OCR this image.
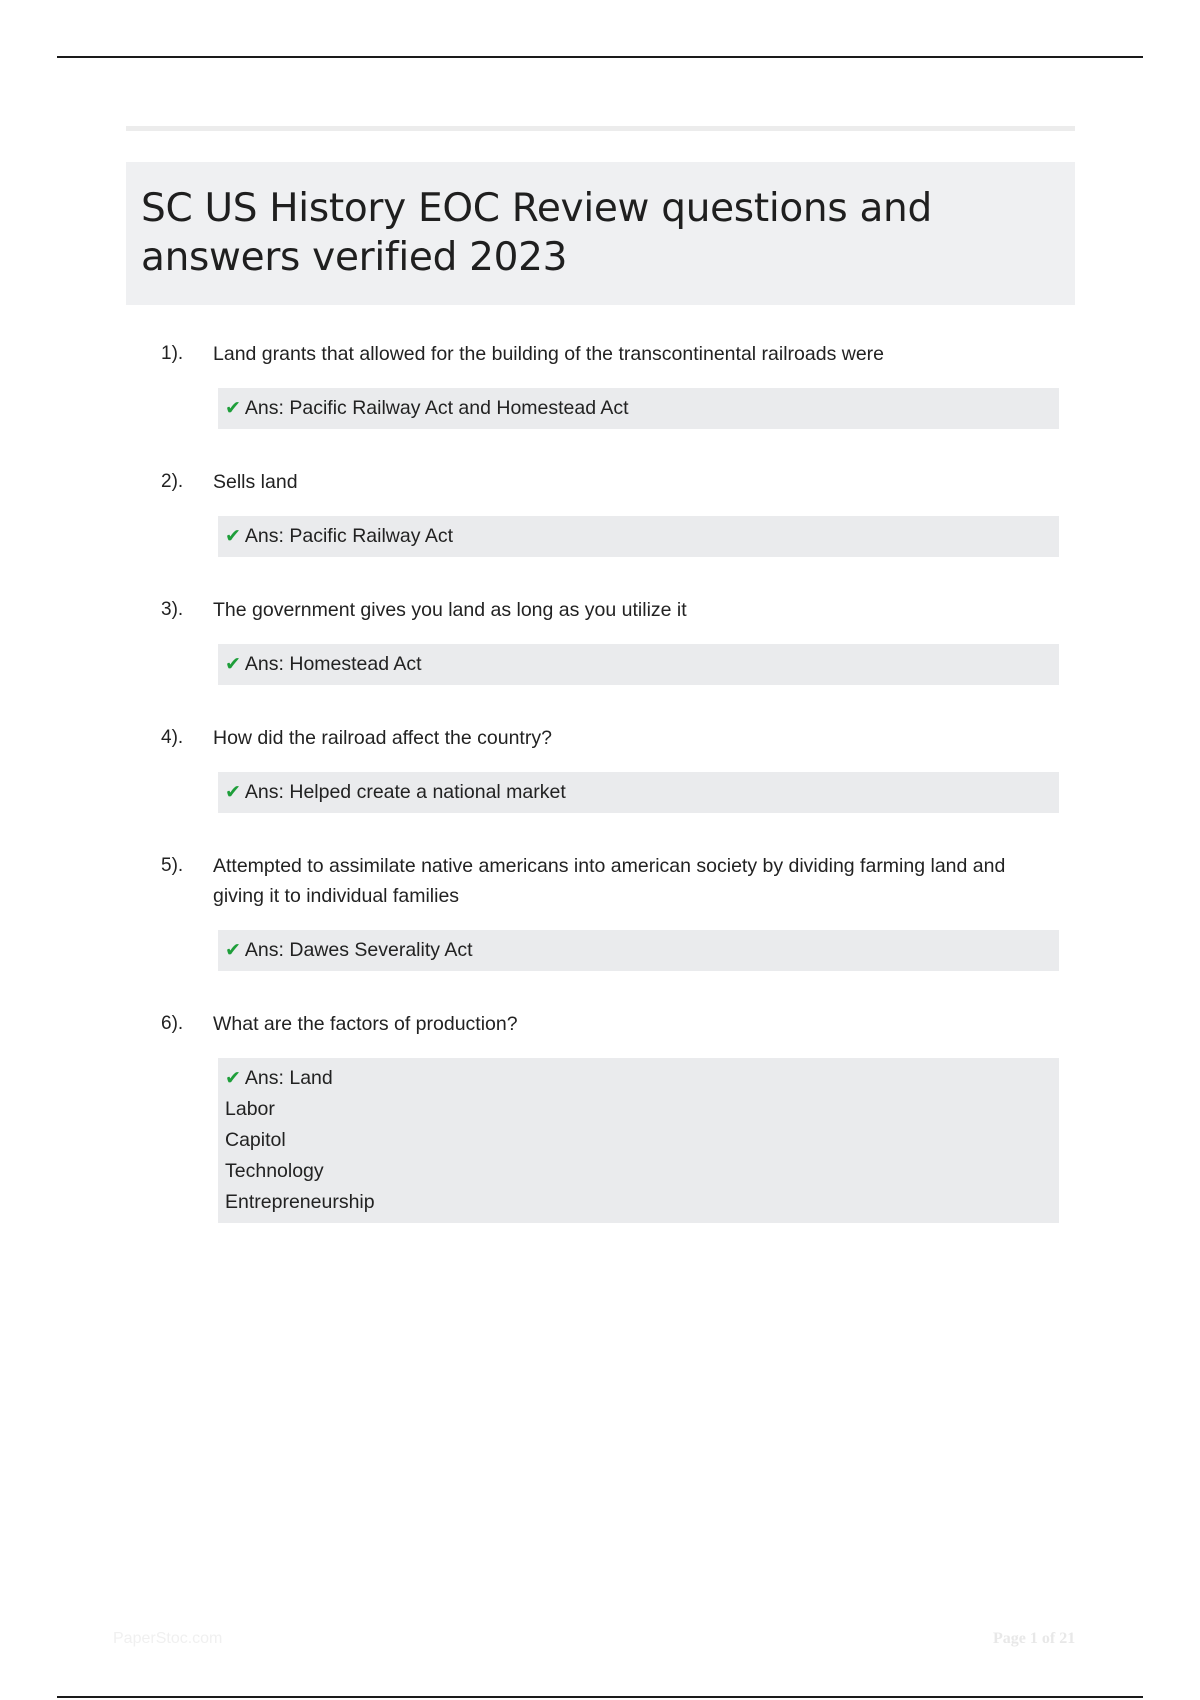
SC US History EOC Review questions and answers verified 2023
1).	Land grants that allowed for the building of the transcontinental railroads were
✔ Ans: Pacific Railway Act and Homestead Act
2).	Sells land
✔ Ans: Pacific Railway Act
3).	The government gives you land as long as you utilize it
✔ Ans: Homestead Act
4).	How did the railroad affect the country?
✔ Ans: Helped create a national market
5).	Attempted to assimilate native americans into american society by dividing farming land and giving it to individual families
✔ Ans: Dawes Severality Act
6).	What are the factors of production?
✔ Ans: Land
Labor
Capitol
Technology
Entrepreneurship
PaperStoc.com	Page 1 of 21
